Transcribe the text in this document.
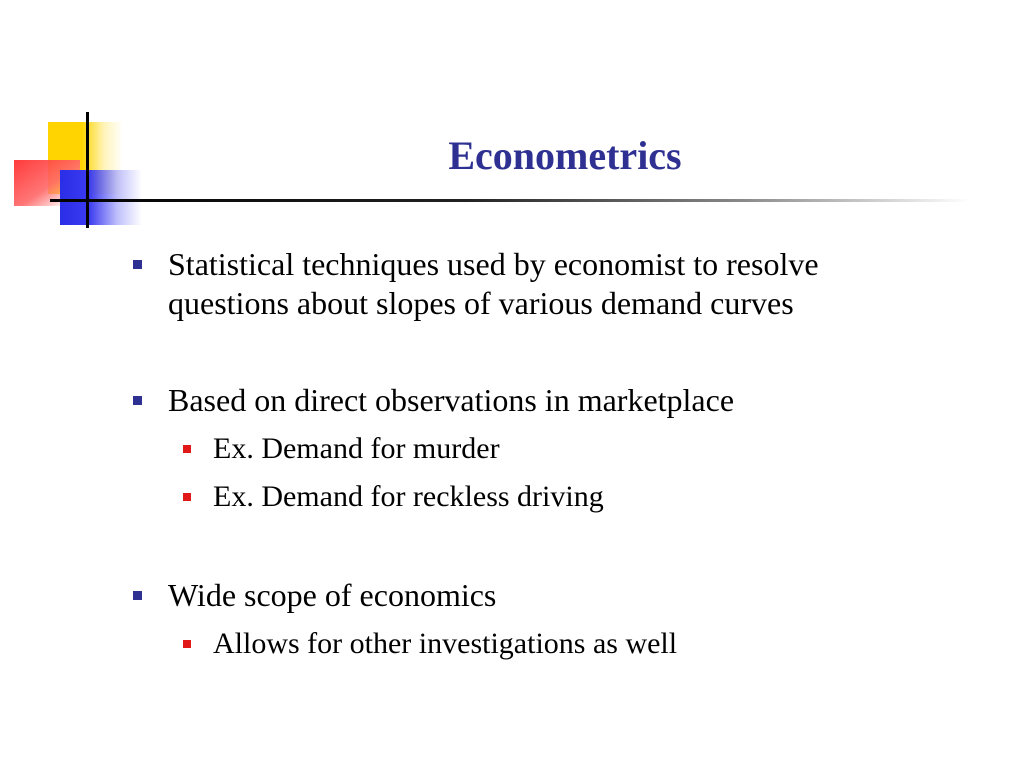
Econometrics
Statistical techniques used by economist to resolve
questions about slopes of various demand curves
Based on direct observations in marketplace
Ex. Demand for murder
Ex. Demand for reckless driving
Wide scope of economics
Allows for other investigations as well
